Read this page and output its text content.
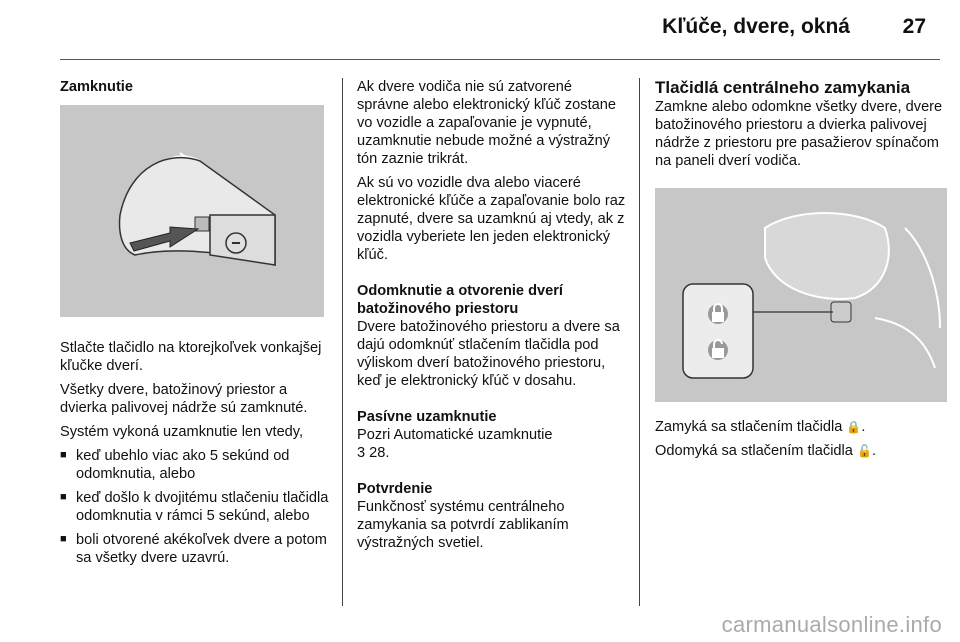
Kľúče, dvere, okná	27
Zamknutie

Stlačte tlačidlo na ktorejkoľvek vonkajšej kľučke dverí.

Všetky dvere, batožinový priestor a dvierka palivovej nádrže sú zamknuté.

Systém vykoná uzamknutie len vtedy,

■ keď ubehlo viac ako 5 sekúnd od odomknutia, alebo
■ keď došlo k dvojitému stlačeniu tlačidla odomknutia v rámci 5 sekúnd, alebo
■ boli otvorené akékoľvek dvere a potom sa všetky dvere uzavrú.

Ak dvere vodiča nie sú zatvorené správne alebo elektronický kľúč zostane vo vozidle a zapaľovanie je vypnuté, uzamknutie nebude možné a výstražný tón zaznie trikrát.

Ak sú vo vozidle dva alebo viaceré elektronické kľúče a zapaľovanie bolo raz zapnuté, dvere sa uzamknú aj vtedy, ak z vozidla vyberiete len jeden elektronický kľúč.

Odomknutie a otvorenie dverí batožinového priestoru

Dvere batožinového priestoru a dvere sa dajú odomknúť stlačením tlačidla pod výliskom dverí batožinového priestoru, keď je elektronický kľúč v dosahu.

Pasívne uzamknutie

Pozri Automatické uzamknutie
3 28.

Potvrdenie

Funkčnosť systému centrálneho zamykania sa potvrdí zablikaním výstražných svetiel.

Tlačidlá centrálneho zamykania

Zamkne alebo odomkne všetky dvere, dvere batožinového priestoru a dvierka palivovej nádrže z priestoru pre pasažierov spínačom na paneli dverí vodiča.

Zamyká sa stlačením tlačidla 🔒.

Odomyká sa stlačením tlačidla 🔓.

carmanualsonline.info
